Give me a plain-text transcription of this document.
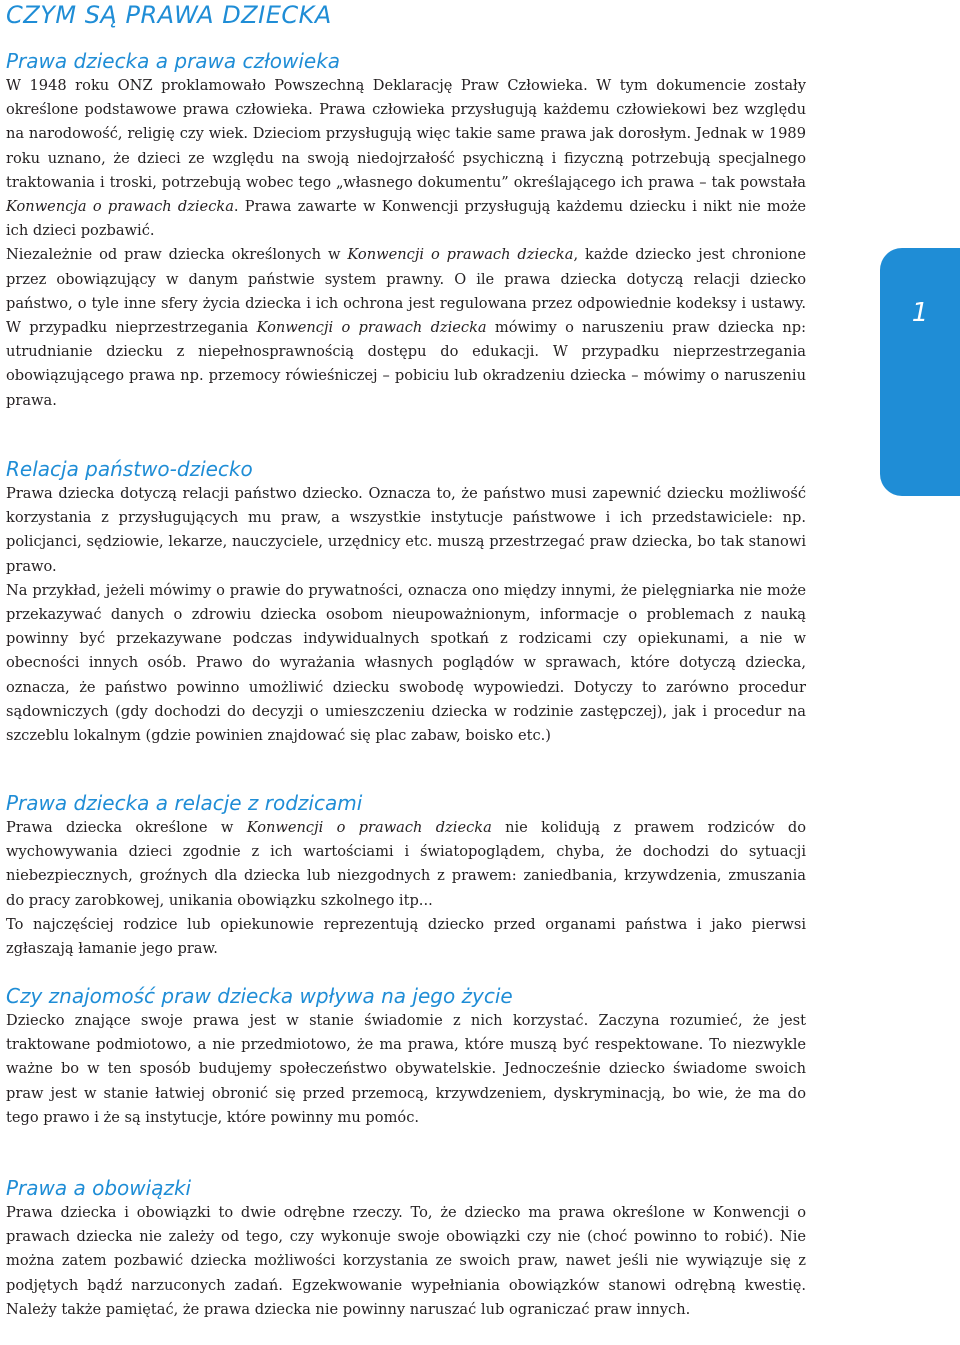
CZYM SĄ PRAWA DZIECKA
Prawa dziecka a prawa człowieka

W 1948 roku ONZ proklamowało Powszechną Deklarację Praw Człowieka. W tym dokumencie zostały określone podstawowe prawa człowieka. Prawa człowieka przysługują każdemu człowiekowi bez względu na narodowość, religię czy wiek. Dzieciom przysługują więc takie same prawa jak dorosłym. Jednak w 1989 roku uznano, że dzieci ze względu na swoją niedojrzałość psychiczną i fizyczną potrzebują specjalnego traktowania i troski, potrzebują wobec tego „własnego dokumentu” określającego ich prawa – tak powstała Konwencja o prawach dziecka. Prawa zawarte w Konwencji przysługują każdemu dziecku i nikt nie może ich dzieci pozbawić.

Niezależnie od praw dziecka określonych w Konwencji o prawach dziecka, każde dziecko jest chronione przez obowiązujący w danym państwie system prawny. O ile prawa dziecka dotyczą relacji dziecko państwo, o tyle inne sfery życia dziecka i ich ochrona jest regulowana przez odpowiednie kodeksy i ustawy. W przypadku nieprzestrzegania Konwencji o prawach dziecka mówimy o naruszeniu praw dziecka np: utrudnianie dziecku z niepełnosprawnością dostępu do edukacji. W przypadku nieprzestrzegania obowiązującego prawa np. przemocy rówieśniczej – pobiciu lub okradzeniu dziecka – mówimy o naruszeniu prawa.

Relacja państwo-dziecko

Prawa dziecka dotyczą relacji państwo dziecko. Oznacza to, że państwo musi zapewnić dziecku możliwość korzystania z przysługujących mu praw, a wszystkie instytucje państwowe i ich przedstawiciele: np. policjanci, sędziowie, lekarze, nauczyciele, urzędnicy etc. muszą przestrzegać praw dziecka, bo tak stanowi prawo.

Na przykład, jeżeli mówimy o prawie do prywatności, oznacza ono między innymi, że pielęgniarka nie może przekazywać danych o zdrowiu dziecka osobom nieupoważnionym, informacje o problemach z nauką powinny być przekazywane podczas indywidualnych spotkań z rodzicami czy opiekunami, a nie w obecności innych osób. Prawo do wyrażania własnych poglądów w sprawach, które dotyczą dziecka, oznacza, że państwo powinno umożliwić dziecku swobodę wypowiedzi. Dotyczy to zarówno procedur sądowniczych (gdy dochodzi do decyzji o umieszczeniu dziecka w rodzinie zastępczej), jak i procedur na szczeblu lokalnym (gdzie powinien znajdować się plac zabaw, boisko etc.)

Prawa dziecka a relacje z rodzicami

Prawa dziecka określone w Konwencji o prawach dziecka nie kolidują z prawem rodziców do wychowywania dzieci zgodnie z ich wartościami i światopoglądem, chyba, że dochodzi do sytuacji niebezpiecznych, groźnych dla dziecka lub niezgodnych z prawem: zaniedbania, krzywdzenia, zmuszania do pracy zarobkowej, unikania obowiązku szkolnego itp...

To najczęściej rodzice lub opiekunowie reprezentują dziecko przed organami państwa i jako pierwsi zgłaszają łamanie jego praw.

Czy znajomość praw dziecka wpływa na jego życie

Dziecko znające swoje prawa jest w stanie świadomie z nich korzystać. Zaczyna rozumieć, że jest traktowane podmiotowo, a nie przedmiotowo, że ma prawa, które muszą być respektowane. To niezwykle ważne bo w ten sposób budujemy społeczeństwo obywatelskie. Jednocześnie dziecko świadome swoich praw jest w stanie łatwiej obronić się przed przemocą, krzywdzeniem, dyskryminacją, bo wie, że ma do tego prawo i że są instytucje, które powinny mu pomóc.

Prawa a obowiązki

Prawa dziecka i obowiązki to dwie odrębne rzeczy. To, że dziecko ma prawa określone w Konwencji o prawach dziecka nie zależy od tego, czy wykonuje swoje obowiązki czy nie (choć powinno to robić). Nie można zatem pozbawić dziecka możliwości korzystania ze swoich praw, nawet jeśli nie wywiązuje się z podjętych bądź narzuconych zadań. Egzekwowanie wypełniania obowiązków stanowi odrębną kwestię. Należy także pamiętać, że prawa dziecka nie powinny naruszać lub ograniczać praw innych.

1
